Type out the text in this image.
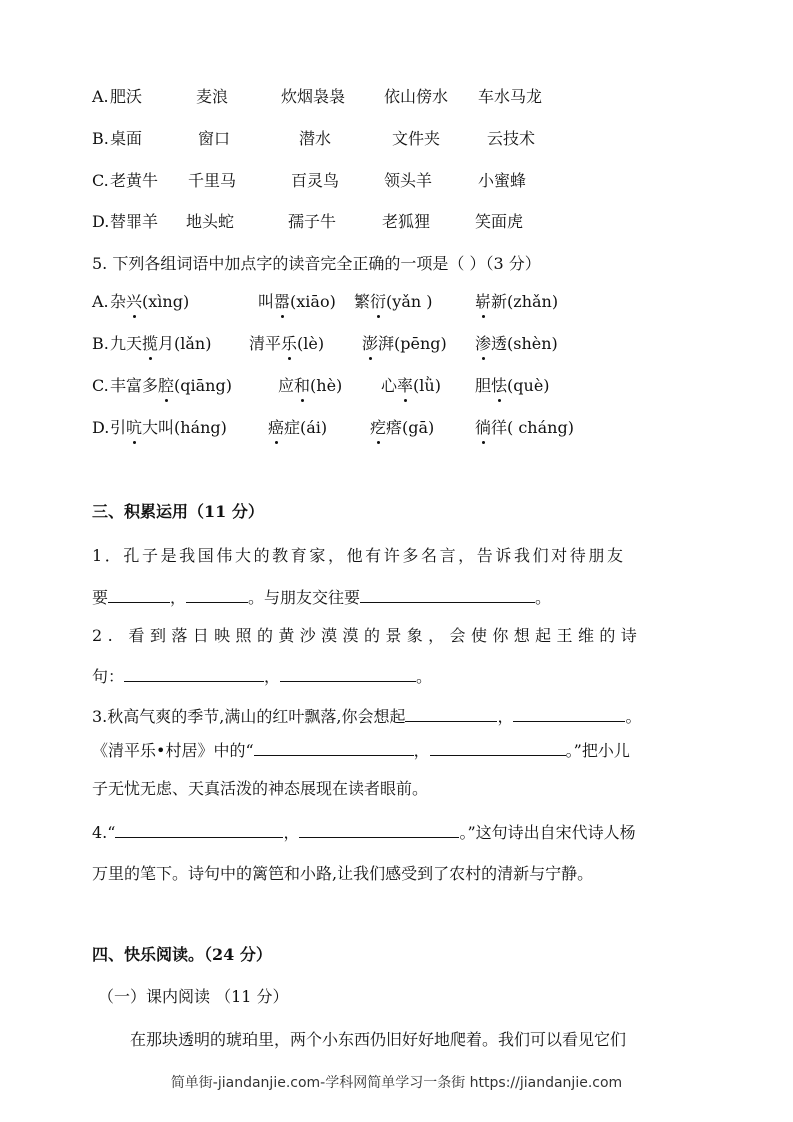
A. 肥沃	麦浪	炊烟袅袅 依山傍水 车水马龙
B. 桌面	窗口	潜水	文件夹	云技术
C. 老黄牛 千里马	百灵鸟	领头羊	小蜜蜂
D. 替罪羊 地头蛇	孺子牛	老狐狸	笑面虎
5. 下列各组词语中加点字的读音完全正确的一项是（ ）（3 分）
A. 杂兴(xìng)	叫嚣(xiāo) 繁衍(yǎn )	崭新(zhǎn)
B. 九天揽月(lǎn) 清平乐(lè) 澎湃(pēng) 渗透(shèn)
C. 丰富多腔(qiāng)	应和(hè) 心率(lǜ) 胆怯(què)
D. 引吭大叫(háng)	癌症(ái)	疙瘩(gā)	徜徉( cháng)
三、积累运用（11 分）
1．孔子是我国伟大的教育家，他有许多名言，告诉我们对待朋友
要	，	。与朋友交往要	。
2. 看到落日映照的黄沙漠漠的景象，会使你想起王维的诗
句：	，	。
3.秋高气爽的季节,满山的红叶飘落,你会想起	，	。
《清平乐•村居》中的“	，	。”把小儿
子无忧无虑、天真活泼的神态展现在读者眼前。
4.“	，	。”这句诗出自宋代诗人杨
万里的笔下。诗句中的篱笆和小路,让我们感受到了农村的清新与宁静。
四、快乐阅读。（24 分）
（一）课内阅读 （11 分）
在那块透明的琥珀里，两个小东西仍旧好好地爬着。我们可以看见它们
简单街-jiandanjie.com-学科网简单学习一条街 https://jiandanjie.com
